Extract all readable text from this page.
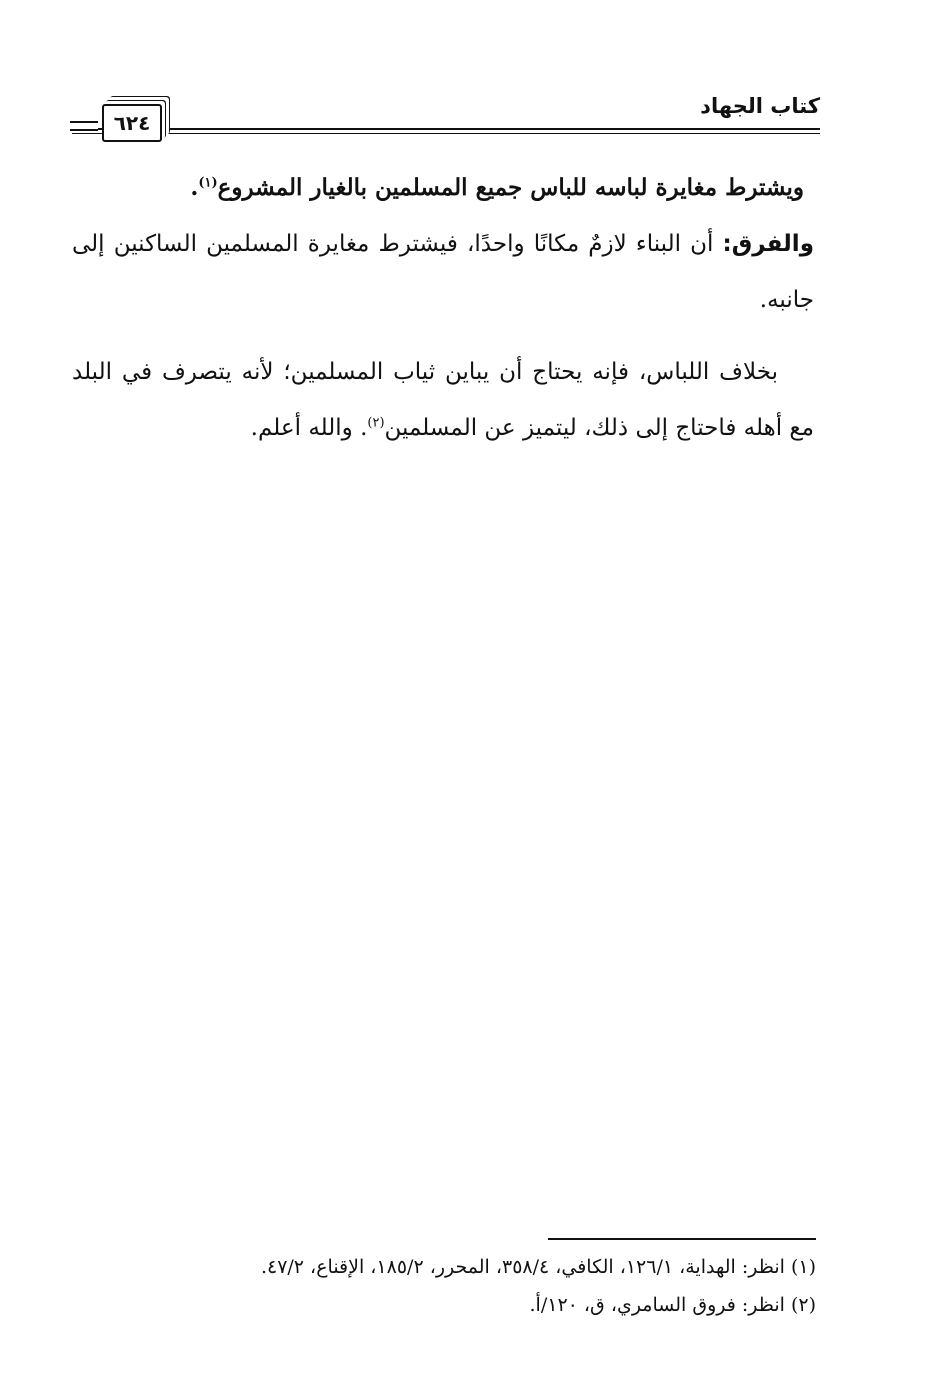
كتاب الجهاد
٦٢٤

ويشترط مغايرة لباسه للباس جميع المسلمين بالغيار المشروع$^{(١)}$.

والفرق: أن البناء لازمٌ مكانًا واحدًا، فيشترط مغايرة المسلمين الساكنين إلى جانبه.

بخلاف اللباس، فإنه يحتاج أن يباين ثياب المسلمين؛ لأنه يتصرف في البلد مع أهله فاحتاج إلى ذلك، ليتميز عن المسلمين$^{(٢)}$. والله أعلم.

(١) انظر: الهداية، ١٢٦/١، الكافي، ٣٥٨/٤، المحرر، ١٨٥/٢، الإقناع، ٤٧/٢.
(٢) انظر: فروق السامري، ق، ١٢٠/أ.
